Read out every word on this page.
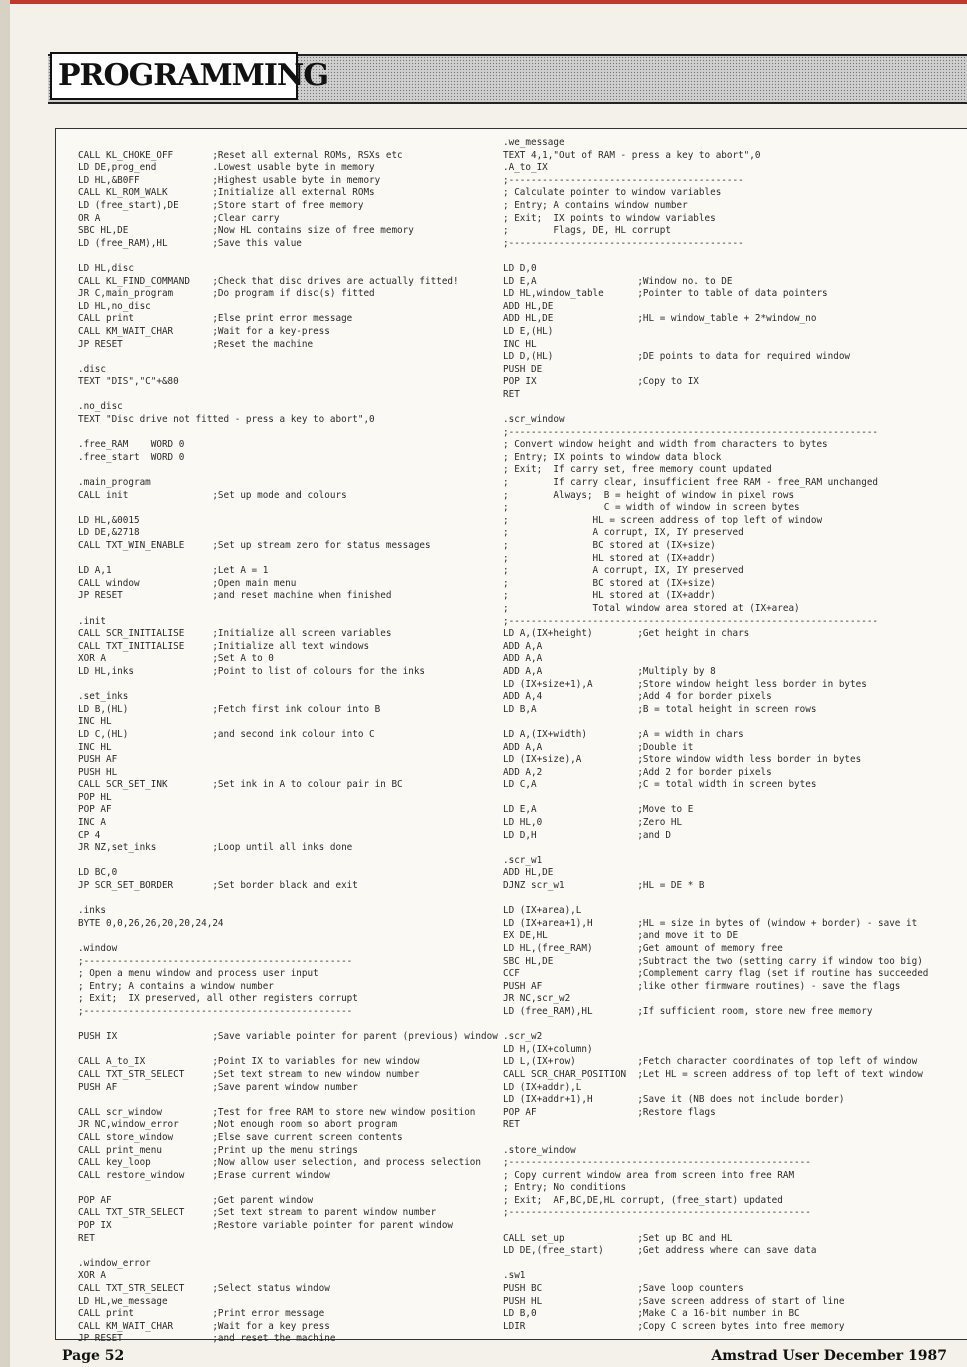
PROGRAMMING
CALL KL_CHOKE_OFF       ;Reset all external ROMs, RSXs etc
LD DE,prog_end          .Lowest usable byte in memory
LD HL,&B0FF             ;Highest usable byte in memory
CALL KL_ROM_WALK        ;Initialize all external ROMs
LD (free_start),DE      ;Store start of free memory
OR A                    ;Clear carry
SBC HL,DE               ;Now HL contains size of free memory
LD (free_RAM),HL        ;Save this value
LD HL,disc
CALL KL_FIND_COMMAND    ;Check that disc drives are actually fitted!
JR C,main_program       ;Do program if disc(s) fitted
LD HL,no_disc
CALL print              ;Else print error message
CALL KM_WAIT_CHAR       ;Wait for a key-press
JP RESET                ;Reset the machine
.disc
TEXT "DIS","C"+&80
.no_disc
TEXT "Disc drive not fitted - press a key to abort",0
.free_RAM    WORD 0
.free_start  WORD 0
.main_program
CALL init               ;Set up mode and colours
LD HL,&0015
LD DE,&2718
CALL TXT_WIN_ENABLE     ;Set up stream zero for status messages
LD A,1                  ;Let A = 1
CALL window             ;Open main menu
JP RESET                ;and reset machine when finished
.init
CALL SCR_INITIALISE     ;Initialize all screen variables
CALL TXT_INITIALISE     ;Initialize all text windows
XOR A                   ;Set A to 0
LD HL,inks              ;Point to list of colours for the inks
.set_inks
LD B,(HL)               ;Fetch first ink colour into B
INC HL
LD C,(HL)               ;and second ink colour into C
INC HL
PUSH AF
PUSH HL
CALL SCR_SET_INK        ;Set ink in A to colour pair in BC
POP HL
POP AF
INC A
CP 4
JR NZ,set_inks          ;Loop until all inks done
LD BC,0
JP SCR_SET_BORDER       ;Set border black and exit
.inks
BYTE 0,0,26,26,20,20,24,24
.window
;------------------------------------------------
; Open a menu window and process user input
; Entry; A contains a window number
; Exit;  IX preserved, all other registers corrupt
;------------------------------------------------
PUSH IX                 ;Save variable pointer for parent (previous) window
CALL A_to_IX            ;Point IX to variables for new window
CALL TXT_STR_SELECT     ;Set text stream to new window number
PUSH AF                 ;Save parent window number
CALL scr_window         ;Test for free RAM to store new window position
JR NC,window_error      ;Not enough room so abort program
CALL store_window       ;Else save current screen contents
CALL print_menu         ;Print up the menu strings
CALL key_loop           ;Now allow user selection, and process selection
CALL restore_window     ;Erase current window
POP AF                  ;Get parent window
CALL TXT_STR_SELECT     ;Set text stream to parent window number
POP IX                  ;Restore variable pointer for parent window
RET
.window_error
XOR A
CALL TXT_STR_SELECT     ;Select status window
LD HL,we_message
CALL print              ;Print error message
CALL KM_WAIT_CHAR       ;Wait for a key press
JP RESET                ;and reset the machine
.we_message
TEXT 4,1,"Out of RAM - press a key to abort",0
.A_to_IX
;------------------------------------------
; Calculate pointer to window variables
; Entry; A contains window number
; Exit;  IX points to window variables
;        Flags, DE, HL corrupt
;------------------------------------------
LD D,0
LD E,A                  ;Window no. to DE
LD HL,window_table      ;Pointer to table of data pointers
ADD HL,DE
ADD HL,DE               ;HL = window_table + 2*window_no
LD E,(HL)
INC HL
LD D,(HL)               ;DE points to data for required window
PUSH DE
POP IX                  ;Copy to IX
RET
.scr_window
;------------------------------------------------------------------
; Convert window height and width from characters to bytes
; Entry; IX points to window data block
; Exit;  If carry set, free memory count updated
;        If carry clear, insufficient free RAM - free_RAM unchanged
;        Always;  B = height of window in pixel rows
;                 C = width of window in screen bytes
;               HL = screen address of top left of window
;               A corrupt, IX, IY preserved
;               BC stored at (IX+size)
;               HL stored at (IX+addr)
;               A corrupt, IX, IY preserved
;               BC stored at (IX+size)
;               HL stored at (IX+addr)
;               Total window area stored at (IX+area)
;------------------------------------------------------------------
LD A,(IX+height)        ;Get height in chars
ADD A,A
ADD A,A
ADD A,A                 ;Multiply by 8
LD (IX+size+1),A        ;Store window height less border in bytes
ADD A,4                 ;Add 4 for border pixels
LD B,A                  ;B = total height in screen rows
LD A,(IX+width)         ;A = width in chars
ADD A,A                 ;Double it
LD (IX+size),A          ;Store window width less border in bytes
ADD A,2                 ;Add 2 for border pixels
LD C,A                  ;C = total width in screen bytes
LD E,A                  ;Move to E
LD HL,0                 ;Zero HL
LD D,H                  ;and D
.scr_w1
ADD HL,DE
DJNZ scr_w1             ;HL = DE * B
LD (IX+area),L
LD (IX+area+1),H        ;HL = size in bytes of (window + border) - save it
EX DE,HL                ;and move it to DE
LD HL,(free_RAM)        ;Get amount of memory free
SBC HL,DE               ;Subtract the two (setting carry if window too big)
CCF                     ;Complement carry flag (set if routine has succeeded
PUSH AF                 ;like other firmware routines) - save the flags
JR NC,scr_w2
LD (free_RAM),HL        ;If sufficient room, store new free memory
.scr_w2
LD H,(IX+column)
LD L,(IX+row)           ;Fetch character coordinates of top left of window
CALL SCR_CHAR_POSITION  ;Let HL = screen address of top left of text window
LD (IX+addr),L
LD (IX+addr+1),H        ;Save it (NB does not include border)
POP AF                  ;Restore flags
RET
.store_window
;------------------------------------------------------
; Copy current window area from screen into free RAM
; Entry; No conditions
; Exit;  AF,BC,DE,HL corrupt, (free_start) updated
;------------------------------------------------------
CALL set_up             ;Set up BC and HL
LD DE,(free_start)      ;Get address where can save data
.sw1
PUSH BC                 ;Save loop counters
PUSH HL                 ;Save screen address of start of line
LD B,0                  ;Make C a 16-bit number in BC
LDIR                    ;Copy C screen bytes into free memory
Page 52	Amstrad User December 1987
